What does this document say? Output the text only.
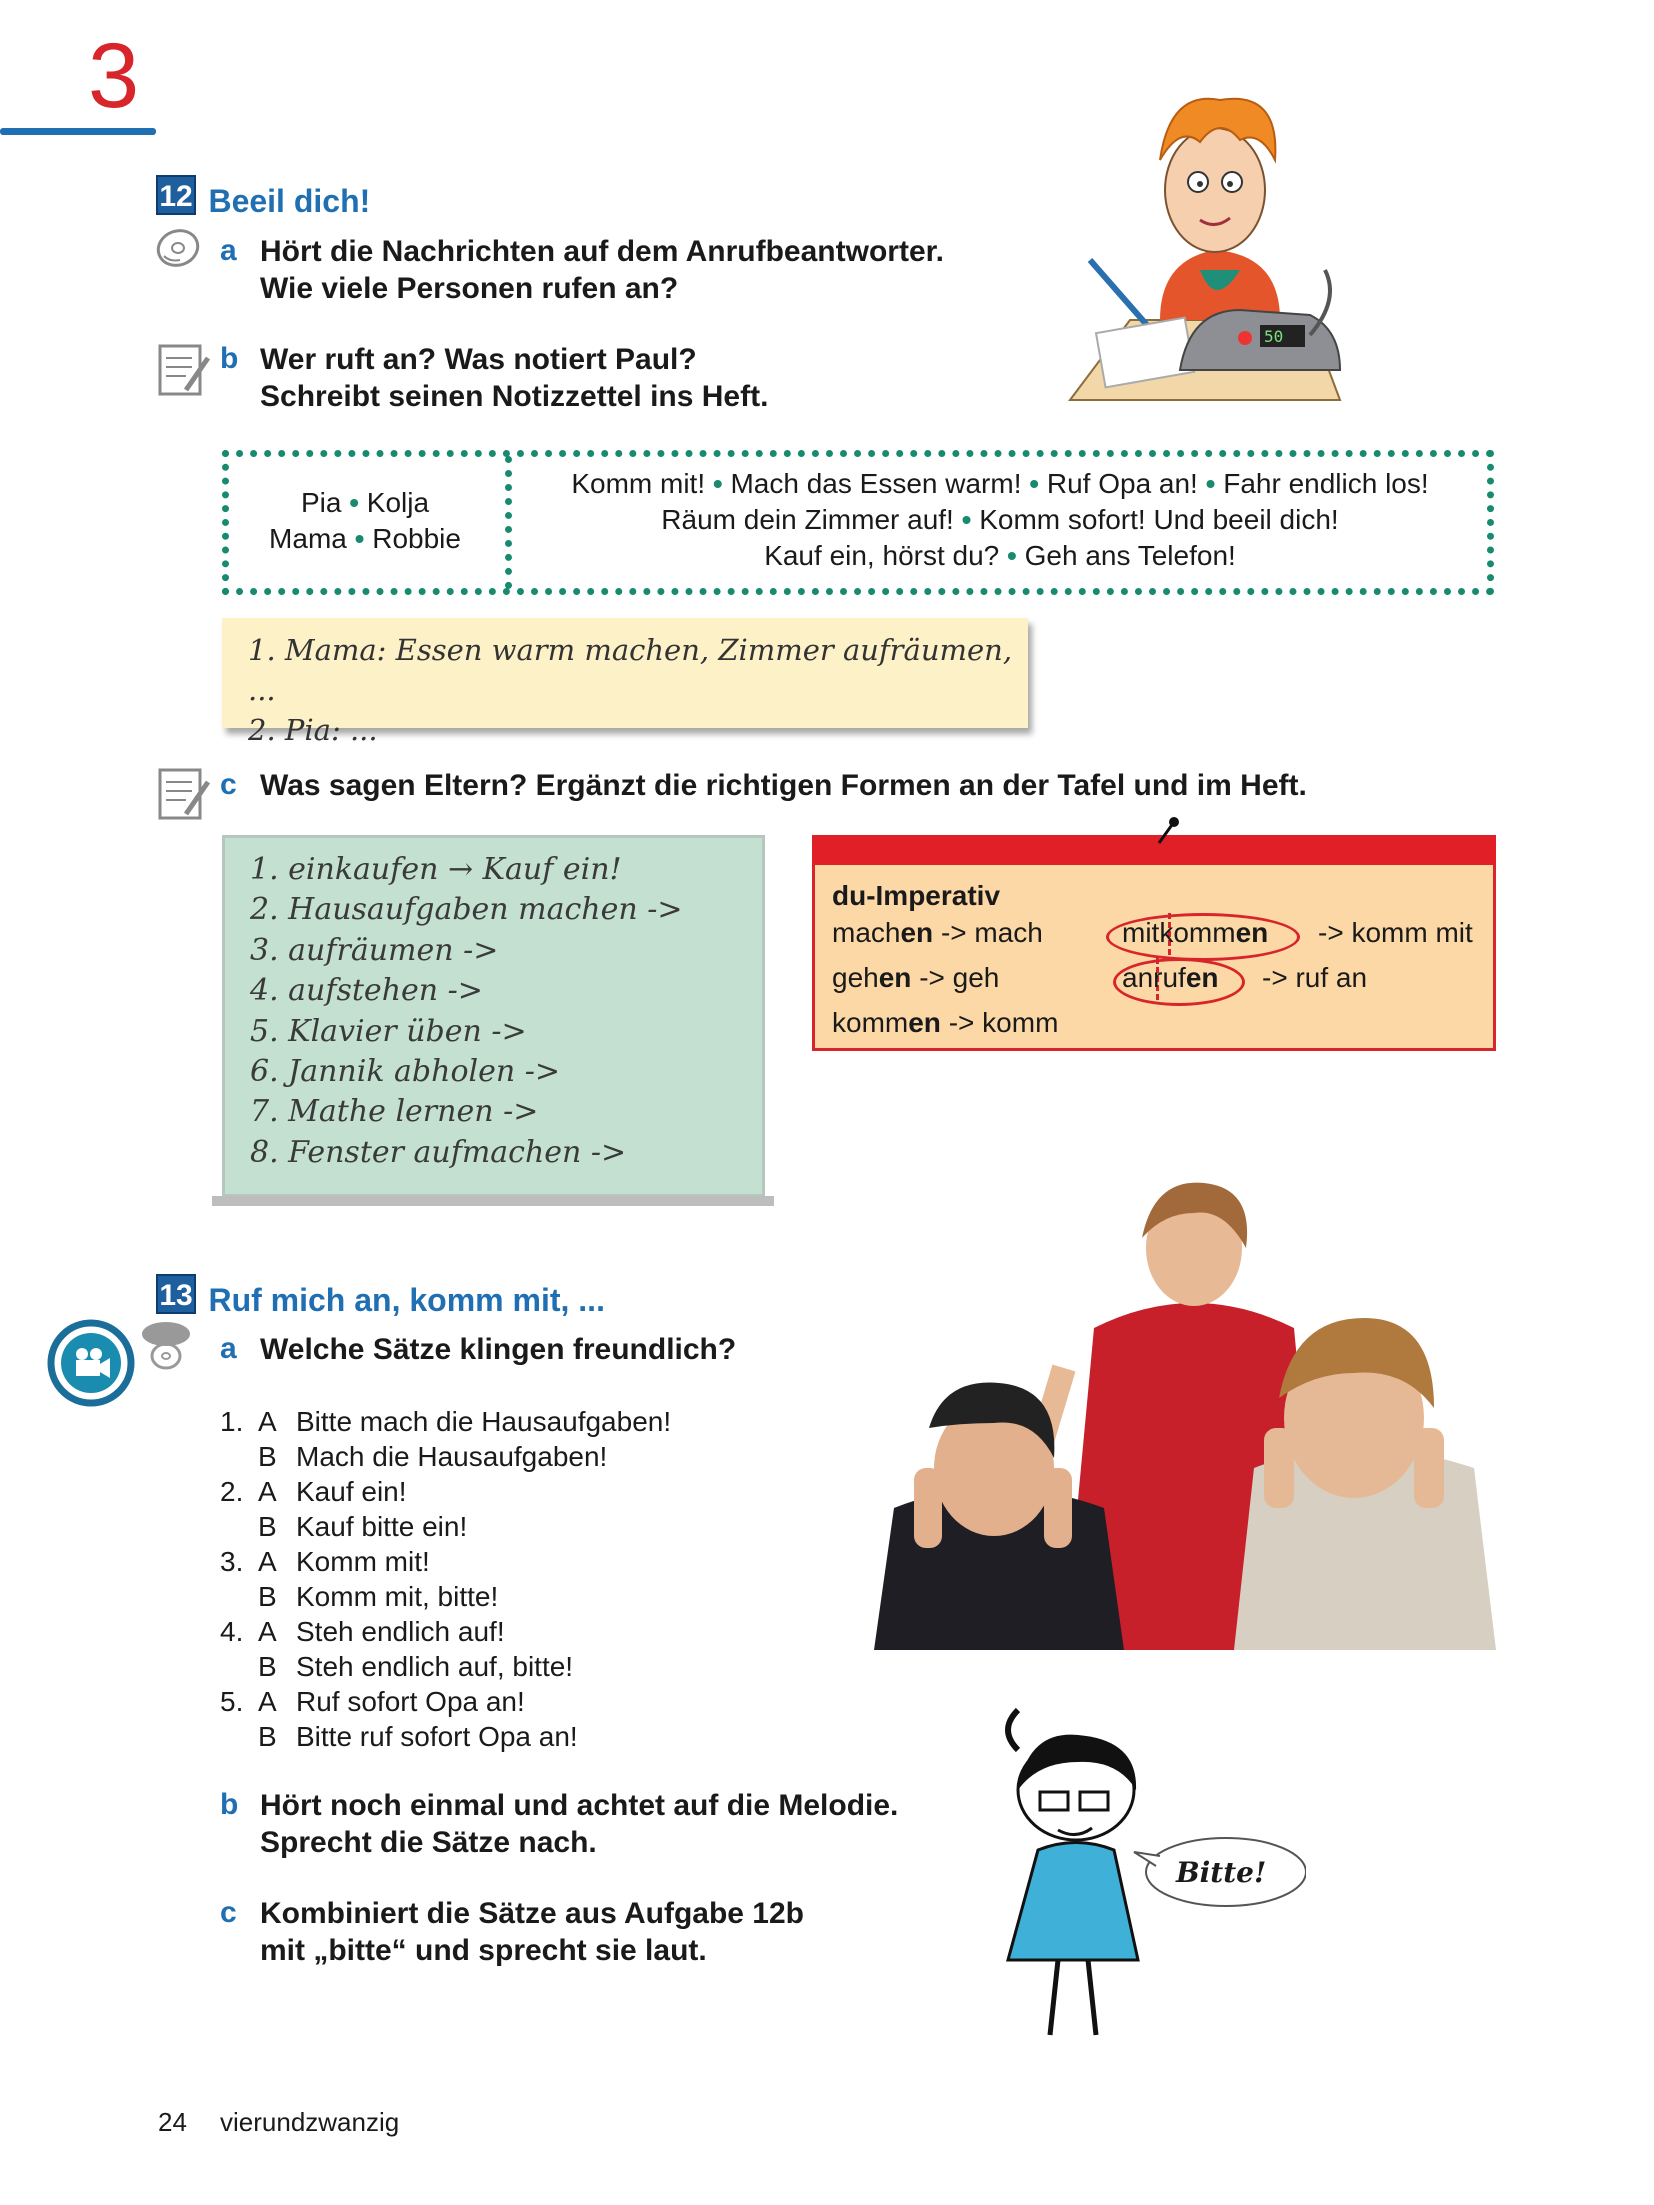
3
12 Beeil dich!
a Hört die Nachrichten auf dem Anrufbeantworter.
Wie viele Personen rufen an?
b Wer ruft an? Was notiert Paul?
Schreibt seinen Notizzettel ins Heft.
50
Pia • Kolja
Mama • Robbie
Komm mit! • Mach das Essen warm! • Ruf Opa an! • Fahr endlich los!
Räum dein Zimmer auf! • Komm sofort! Und beeil dich!
Kauf ein, hörst du? • Geh ans Telefon!
1. Mama: Essen warm machen, Zimmer aufräumen, ...
2. Pia: ...
c Was sagen Eltern? Ergänzt die richtigen Formen an der Tafel und im Heft.
1. einkaufen → Kauf ein!
2. Hausaufgaben machen ->
3. aufräumen ->
4. aufstehen ->
5. Klavier üben ->
6. Jannik abholen ->
7. Mathe lernen ->
8. Fenster aufmachen ->
du-Imperativ
machen -> mach
gehen -> geh
kommen -> komm
mitkommen -> komm mit
anrufen -> ruf an
13 Ruf mich an, komm mit, ...
a Welche Sätze klingen freundlich?
1. A Bitte mach die Hausaufgaben!
B Mach die Hausaufgaben!
2. A Kauf ein!
B Kauf bitte ein!
3. A Komm mit!
B Komm mit, bitte!
4. A Steh endlich auf!
B Steh endlich auf, bitte!
5. A Ruf sofort Opa an!
B Bitte ruf sofort Opa an!
b Hört noch einmal und achtet auf die Melodie.
Sprecht die Sätze nach.
c Kombiniert die Sätze aus Aufgabe 12b
mit „bitte“ und sprecht sie laut.
Bitte!
24 vierundzwanzig
